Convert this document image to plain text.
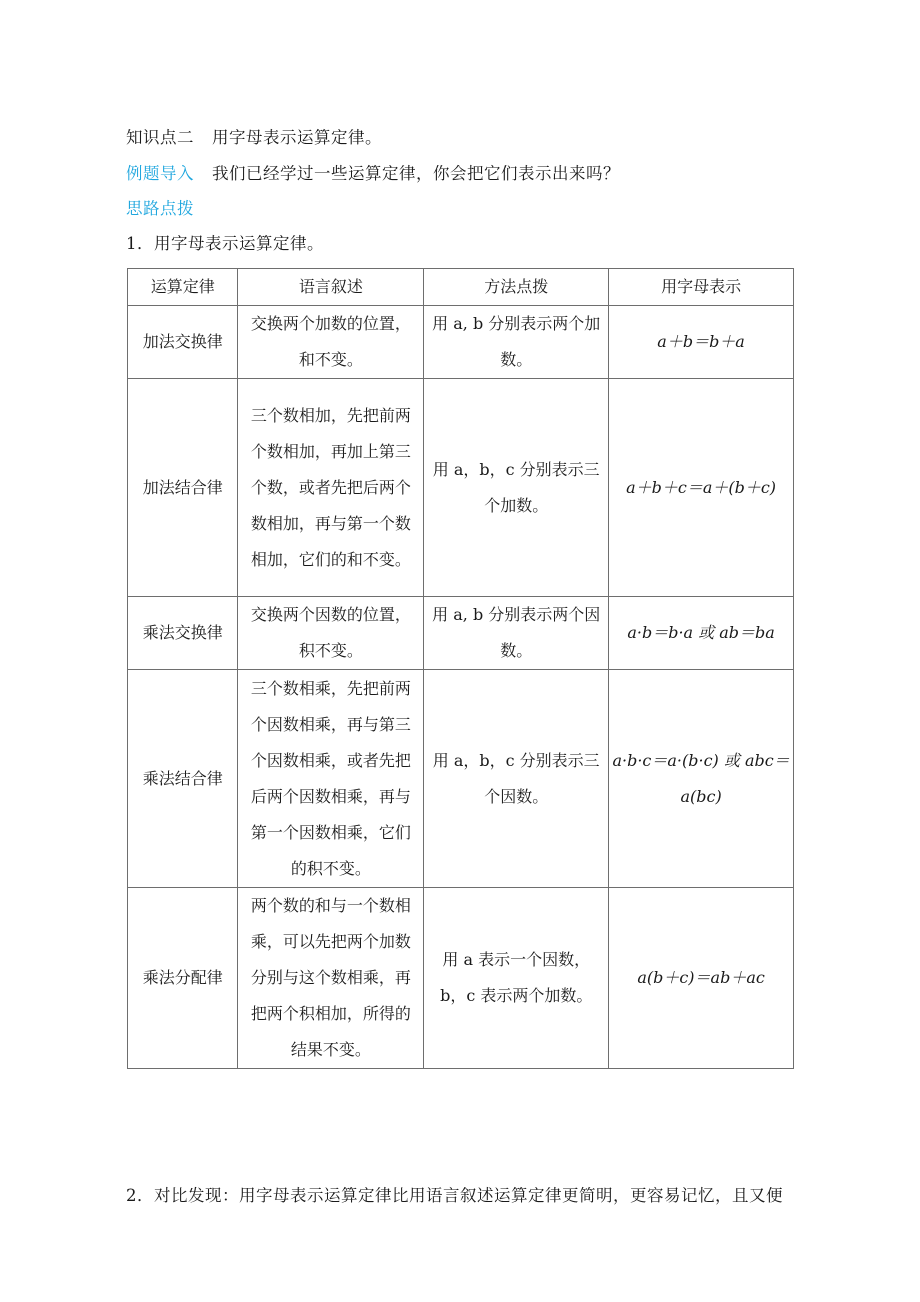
知识点二 用字母表示运算定律。
例题导入 我们已经学过一些运算定律，你会把它们表示出来吗？
思路点拨
1．用字母表示运算定律。
运算定律	语言叙述	方法点拨	用字母表示
加法交换律	交换两个加数的位置，和不变。	用 a, b 分别表示两个加数。	a＋b＝b＋a
加法结合律	三个数相加，先把前两个数相加，再加上第三个数，或者先把后两个数相加，再与第一个数相加，它们的和不变。	用 a，b，c 分别表示三个加数。	a＋b＋c＝a＋(b＋c)
乘法交换律	交换两个因数的位置，积不变。	用 a, b 分别表示两个因数。	a·b＝b·a 或 ab＝ba
乘法结合律	三个数相乘，先把前两个因数相乘，再与第三个因数相乘，或者先把后两个因数相乘，再与第一个因数相乘，它们的积不变。	用 a，b，c 分别表示三个因数。	a·b·c＝a·(b·c) 或 abc＝a(bc)
乘法分配律	两个数的和与一个数相乘，可以先把两个加数分别与这个数相乘，再把两个积相加，所得的结果不变。	用 a 表示一个因数，b，c 表示两个加数。	a(b＋c)＝ab＋ac
2．对比发现：用字母表示运算定律比用语言叙述运算定律更简明，更容易记忆，且又便
